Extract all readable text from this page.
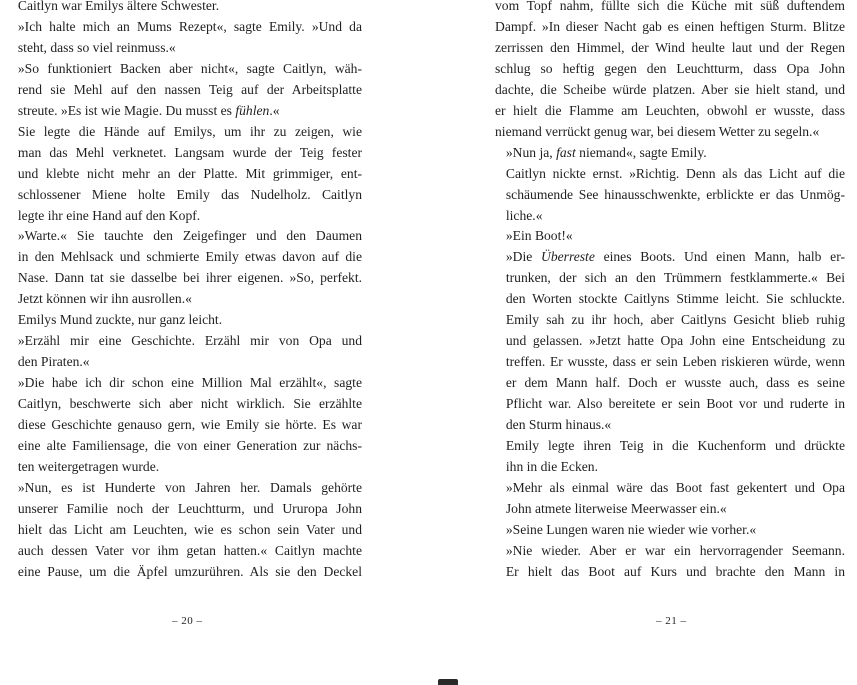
Caitlyn war Emilys ältere Schwester.

»Ich halte mich an Mums Rezept«, sagte Emily. »Und da
steht, dass so viel reinmuss.«

»So funktioniert Backen aber nicht«, sagte Caitlyn, wäh-
rend sie Mehl auf den nassen Teig auf der Arbeitsplatte
streute. »Es ist wie Magie. Du musst es fühlen.«

Sie legte die Hände auf Emilys, um ihr zu zeigen, wie
man das Mehl verknetet. Langsam wurde der Teig fester
und klebte nicht mehr an der Platte. Mit grimmiger, ent-
schlossener Miene holte Emily das Nudelholz. Caitlyn
legte ihr eine Hand auf den Kopf.

»Warte.« Sie tauchte den Zeigefinger und den Daumen
in den Mehlsack und schmierte Emily etwas davon auf die
Nase. Dann tat sie dasselbe bei ihrer eigenen. »So, perfekt.
Jetzt können wir ihn ausrollen.«

Emilys Mund zuckte, nur ganz leicht.

»Erzähl mir eine Geschichte. Erzähl mir von Opa und
den Piraten.«

»Die habe ich dir schon eine Million Mal erzählt«, sagte
Caitlyn, beschwerte sich aber nicht wirklich. Sie erzählte
diese Geschichte genauso gern, wie Emily sie hörte. Es war
eine alte Familiensage, die von einer Generation zur nächs-
ten weitergetragen wurde.

»Nun, es ist Hunderte von Jahren her. Damals gehörte
unserer Familie noch der Leuchtturm, und Ururopa John
hielt das Licht am Leuchten, wie es schon sein Vater und
auch dessen Vater vor ihm getan hatten.« Caitlyn machte
eine Pause, um die Äpfel umzurühren. Als sie den Deckel

vom Topf nahm, füllte sich die Küche mit süß duftendem
Dampf. »In dieser Nacht gab es einen heftigen Sturm. Blitze
zerrissen den Himmel, der Wind heulte laut und der Regen
schlug so heftig gegen den Leuchtturm, dass Opa John
dachte, die Scheibe würde platzen. Aber sie hielt stand, und
er hielt die Flamme am Leuchten, obwohl er wusste, dass
niemand verrückt genug war, bei diesem Wetter zu segeln.«

»Nun ja, fast niemand«, sagte Emily.

Caitlyn nickte ernst. »Richtig. Denn als das Licht auf die
schäumende See hinausschwenkte, erblickte er das Unmög-
liche.«

»Ein Boot!«

»Die Überreste eines Boots. Und einen Mann, halb er-
trunken, der sich an den Trümmern festklammerte.« Bei
den Worten stockte Caitlyns Stimme leicht. Sie schluckte.
Emily sah zu ihr hoch, aber Caitlyns Gesicht blieb ruhig
und gelassen. »Jetzt hatte Opa John eine Entscheidung zu
treffen. Er wusste, dass er sein Leben riskieren würde, wenn
er dem Mann half. Doch er wusste auch, dass es seine
Pflicht war. Also bereitete er sein Boot vor und ruderte in
den Sturm hinaus.«

Emily legte ihren Teig in die Kuchenform und drückte
ihn in die Ecken.

»Mehr als einmal wäre das Boot fast gekentert und Opa
John atmete literweise Meerwasser ein.«

»Seine Lungen waren nie wieder wie vorher.«

»Nie wieder. Aber er war ein hervorragender Seemann.
Er hielt das Boot auf Kurs und brachte den Mann in

– 20 –	– 21 –
